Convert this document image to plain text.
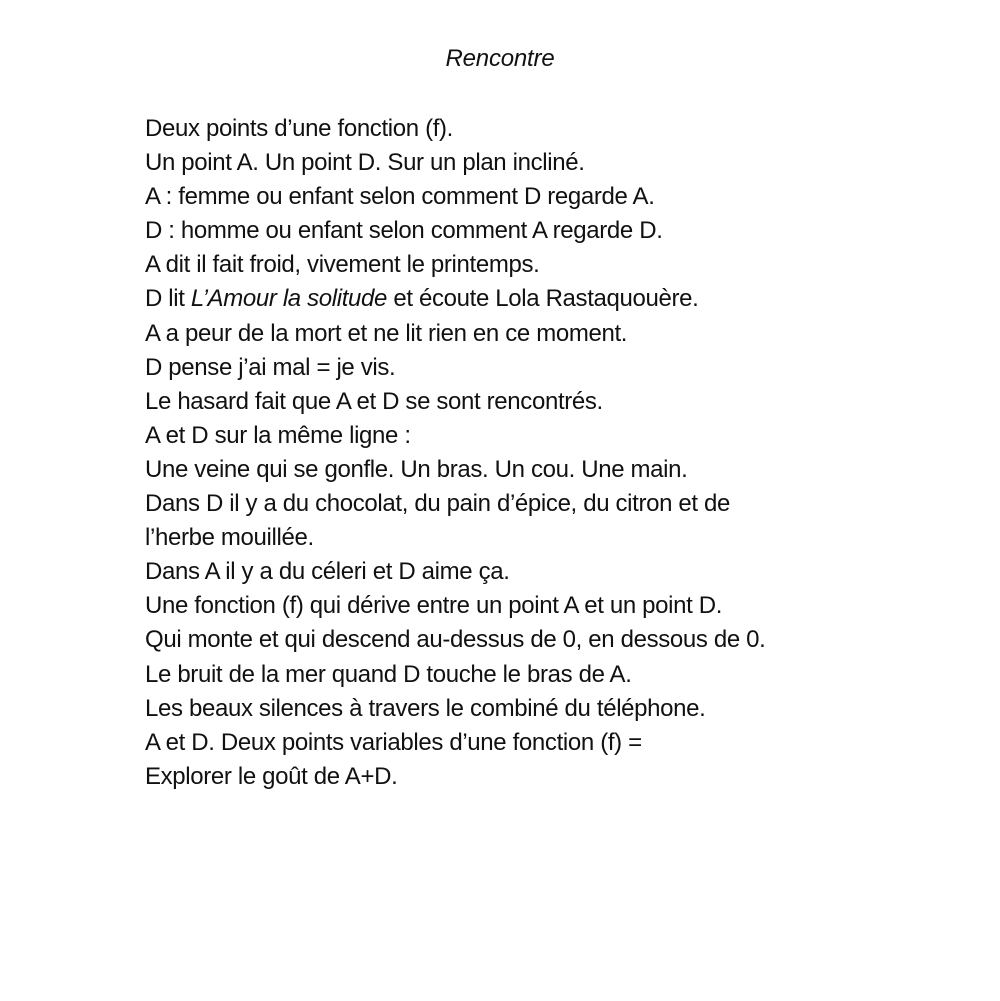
Rencontre
Deux points d’une fonction (f).
Un point A. Un point D. Sur un plan incliné.
A : femme ou enfant selon comment D regarde A.
D : homme ou enfant selon comment A regarde D.
A dit il fait froid, vivement le printemps.
D lit L’Amour la solitude et écoute Lola Rastaquouère.
A a peur de la mort et ne lit rien en ce moment.
D pense j’ai mal = je vis.
Le hasard fait que A et D se sont rencontrés.
A et D sur la même ligne :
Une veine qui se gonfle. Un bras. Un cou. Une main.
Dans D il y a du chocolat, du pain d’épice, du citron et de
l’herbe mouillée.
Dans A il y a du céleri et D aime ça.
Une fonction (f) qui dérive entre un point A et un point D.
Qui monte et qui descend au-dessus de 0, en dessous de 0.
Le bruit de la mer quand D touche le bras de A.
Les beaux silences à travers le combiné du téléphone.
A et D. Deux points variables d’une fonction (f) =
Explorer le goût de A+D.
